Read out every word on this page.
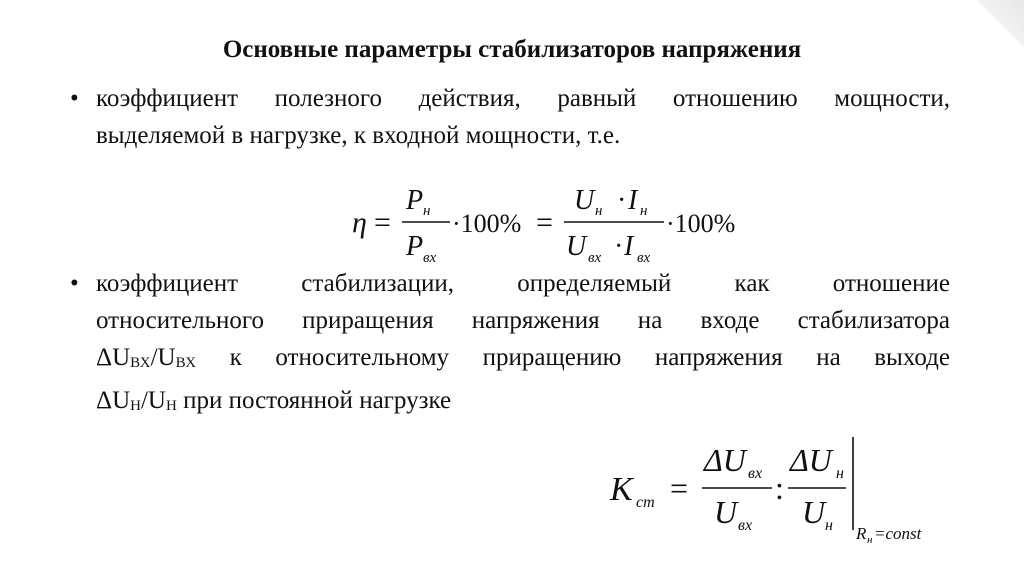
Основные параметры стабилизаторов напряжения
• коэффициент полезного действия, равный отношению мощности,
выделяемой в нагрузке, к входной мощности, т.е.
η =
P н
P вх
·100% =
U н · I н
U вх · I вх
·100%
• коэффициент стабилизации, определяемый как отношение
относительного приращения напряжения на входе стабилизатора
$\Delta U_{ВХ}/U_{ВХ}$ к относительному приращению напряжения на выходе
$\Delta U_Н/U_Н$ при постоянной нагрузке
K ст =
ΔU вх
U вх
:
ΔU н
U н R н =const
